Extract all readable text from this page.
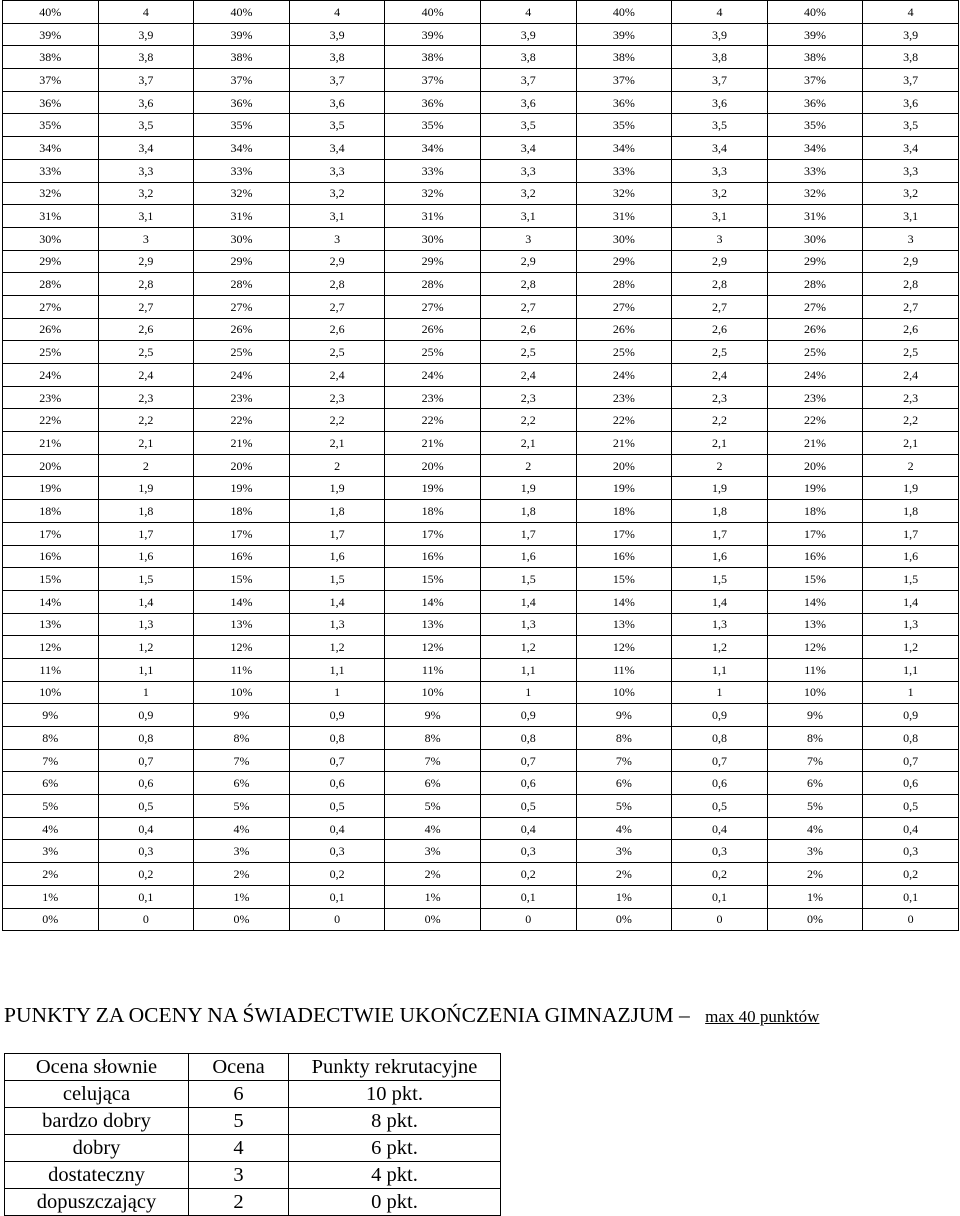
40%	4	40%	4	40%	4	40%	4	40%	4
39%	3,9	39%	3,9	39%	3,9	39%	3,9	39%	3,9
38%	3,8	38%	3,8	38%	3,8	38%	3,8	38%	3,8
37%	3,7	37%	3,7	37%	3,7	37%	3,7	37%	3,7
36%	3,6	36%	3,6	36%	3,6	36%	3,6	36%	3,6
35%	3,5	35%	3,5	35%	3,5	35%	3,5	35%	3,5
34%	3,4	34%	3,4	34%	3,4	34%	3,4	34%	3,4
33%	3,3	33%	3,3	33%	3,3	33%	3,3	33%	3,3
32%	3,2	32%	3,2	32%	3,2	32%	3,2	32%	3,2
31%	3,1	31%	3,1	31%	3,1	31%	3,1	31%	3,1
30%	3	30%	3	30%	3	30%	3	30%	3
29%	2,9	29%	2,9	29%	2,9	29%	2,9	29%	2,9
28%	2,8	28%	2,8	28%	2,8	28%	2,8	28%	2,8
27%	2,7	27%	2,7	27%	2,7	27%	2,7	27%	2,7
26%	2,6	26%	2,6	26%	2,6	26%	2,6	26%	2,6
25%	2,5	25%	2,5	25%	2,5	25%	2,5	25%	2,5
24%	2,4	24%	2,4	24%	2,4	24%	2,4	24%	2,4
23%	2,3	23%	2,3	23%	2,3	23%	2,3	23%	2,3
22%	2,2	22%	2,2	22%	2,2	22%	2,2	22%	2,2
21%	2,1	21%	2,1	21%	2,1	21%	2,1	21%	2,1
20%	2	20%	2	20%	2	20%	2	20%	2
19%	1,9	19%	1,9	19%	1,9	19%	1,9	19%	1,9
18%	1,8	18%	1,8	18%	1,8	18%	1,8	18%	1,8
17%	1,7	17%	1,7	17%	1,7	17%	1,7	17%	1,7
16%	1,6	16%	1,6	16%	1,6	16%	1,6	16%	1,6
15%	1,5	15%	1,5	15%	1,5	15%	1,5	15%	1,5
14%	1,4	14%	1,4	14%	1,4	14%	1,4	14%	1,4
13%	1,3	13%	1,3	13%	1,3	13%	1,3	13%	1,3
12%	1,2	12%	1,2	12%	1,2	12%	1,2	12%	1,2
11%	1,1	11%	1,1	11%	1,1	11%	1,1	11%	1,1
10%	1	10%	1	10%	1	10%	1	10%	1
9%	0,9	9%	0,9	9%	0,9	9%	0,9	9%	0,9
8%	0,8	8%	0,8	8%	0,8	8%	0,8	8%	0,8
7%	0,7	7%	0,7	7%	0,7	7%	0,7	7%	0,7
6%	0,6	6%	0,6	6%	0,6	6%	0,6	6%	0,6
5%	0,5	5%	0,5	5%	0,5	5%	0,5	5%	0,5
4%	0,4	4%	0,4	4%	0,4	4%	0,4	4%	0,4
3%	0,3	3%	0,3	3%	0,3	3%	0,3	3%	0,3
2%	0,2	2%	0,2	2%	0,2	2%	0,2	2%	0,2
1%	0,1	1%	0,1	1%	0,1	1%	0,1	1%	0,1
0%	0	0%	0	0%	0	0%	0	0%	0
PUNKTY ZA OCENY NA ŚWIADECTWIE UKOŃCZENIA GIMNAZJUM – max 40 punktów
Ocena słownie	Ocena	Punkty rekrutacyjne
celująca	6	10 pkt.
bardzo dobry	5	8 pkt.
dobry	4	6 pkt.
dostateczny	3	4 pkt.
dopuszczający	2	0 pkt.
